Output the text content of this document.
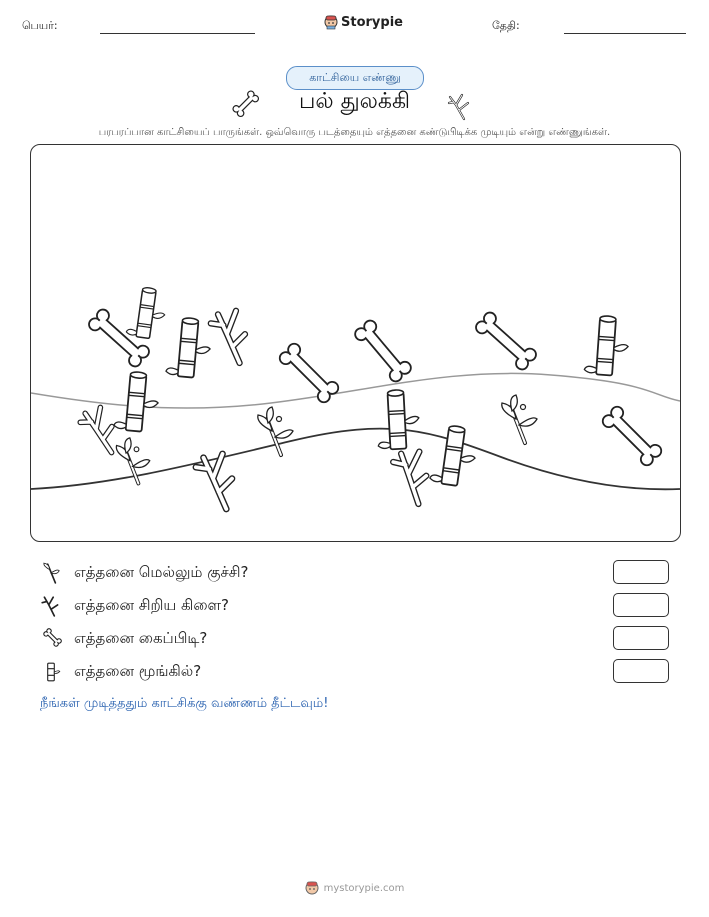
பெயர்:	Storypie	தேதி:
காட்சியை எண்ணு
பல் துலக்கி
பரபரப்பான காட்சியைப் பாருங்கள். ஒவ்வொரு படத்தையும் எத்தனை கண்டுபிடிக்க முடியும் என்று எண்ணுங்கள்.
எத்தனை மெல்லும் குச்சி?
எத்தனை சிறிய கிளை?
எத்தனை கைப்பிடி?
எத்தனை மூங்கில்?
நீங்கள் முடித்ததும் காட்சிக்கு வண்ணம் தீட்டவும்!
mystorypie.com
